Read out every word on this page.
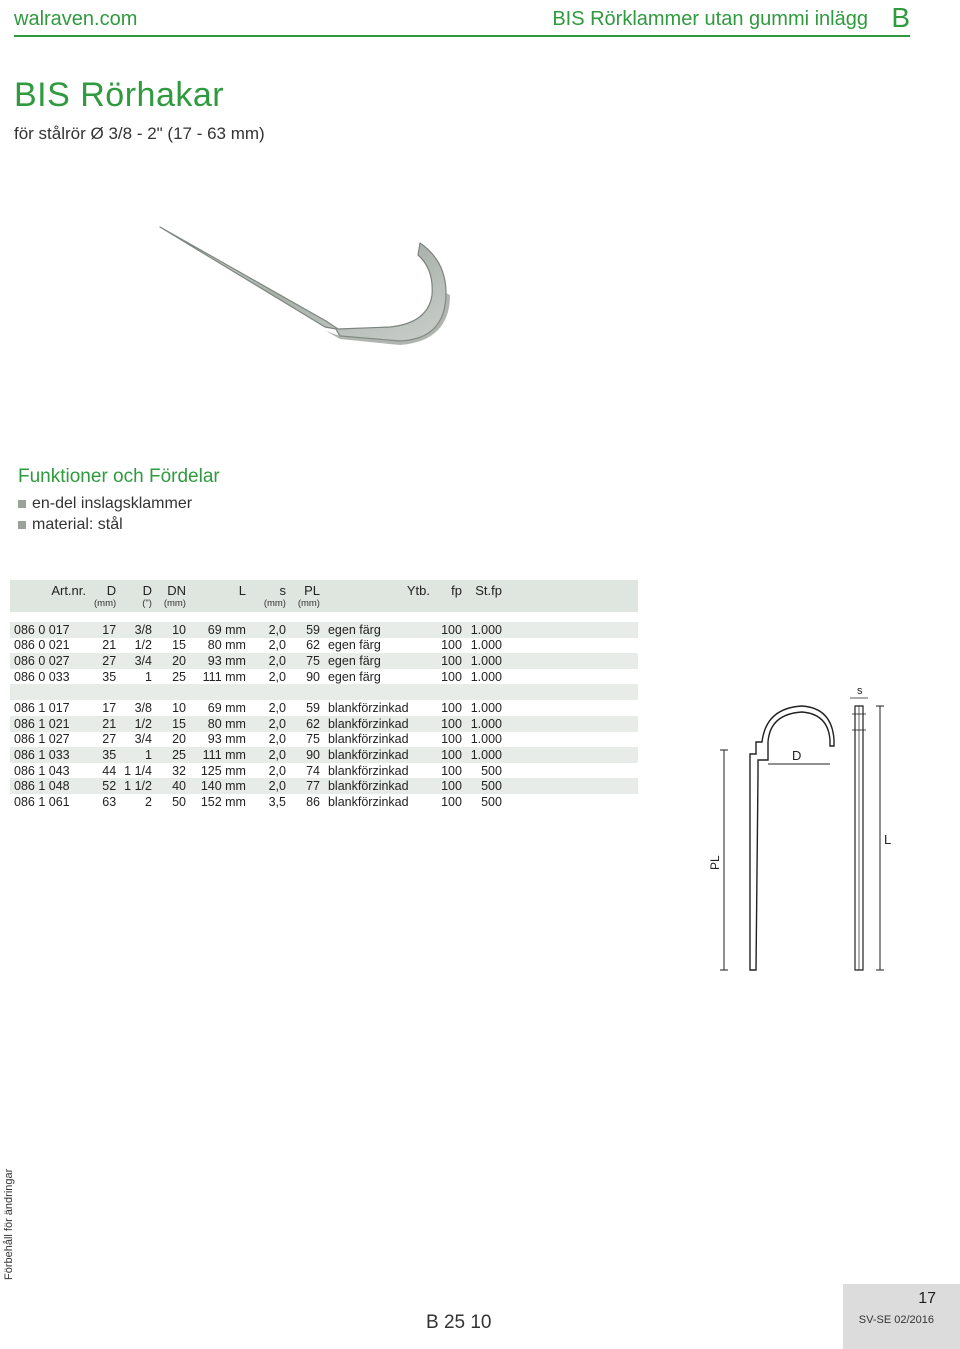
walraven.com	BIS Rörklammer utan gummi inlägg B
BIS Rörhakar
för stålrör Ø 3/8 - 2" (17 - 63 mm)
Funktioner och Fördelar
en-del inslagsklammer
material: stål
Art.nr.	D	D	DN	L	s	PL	Ytb.	fp	St.fp	
	(mm)	(")	(mm)		(mm)	(mm)				

086 0 017	17	3/8	10	69 mm	2,0	59	egen färg	100	1.000	
086 0 021	21	1/2	15	80 mm	2,0	62	egen färg	100	1.000	
086 0 027	27	3/4	20	93 mm	2,0	75	egen färg	100	1.000	
086 0 033	35	1	25	111 mm	2,0	90	egen färg	100	1.000	

086 1 017	17	3/8	10	69 mm	2,0	59	blankförzinkad	100	1.000	
086 1 021	21	1/2	15	80 mm	2,0	62	blankförzinkad	100	1.000	
086 1 027	27	3/4	20	93 mm	2,0	75	blankförzinkad	100	1.000	
086 1 033	35	1	25	111 mm	2,0	90	blankförzinkad	100	1.000	
086 1 043	44	1 1/4	32	125 mm	2,0	74	blankförzinkad	100	500	
086 1 048	52	1 1/2	40	140 mm	2,0	77	blankförzinkad	100	500	
086 1 061	63	2	50	152 mm	3,5	86	blankförzinkad	100	500	
s
D
L
PL
Förbehåll för ändringar
B 25 10
17
SV-SE 02/2016
